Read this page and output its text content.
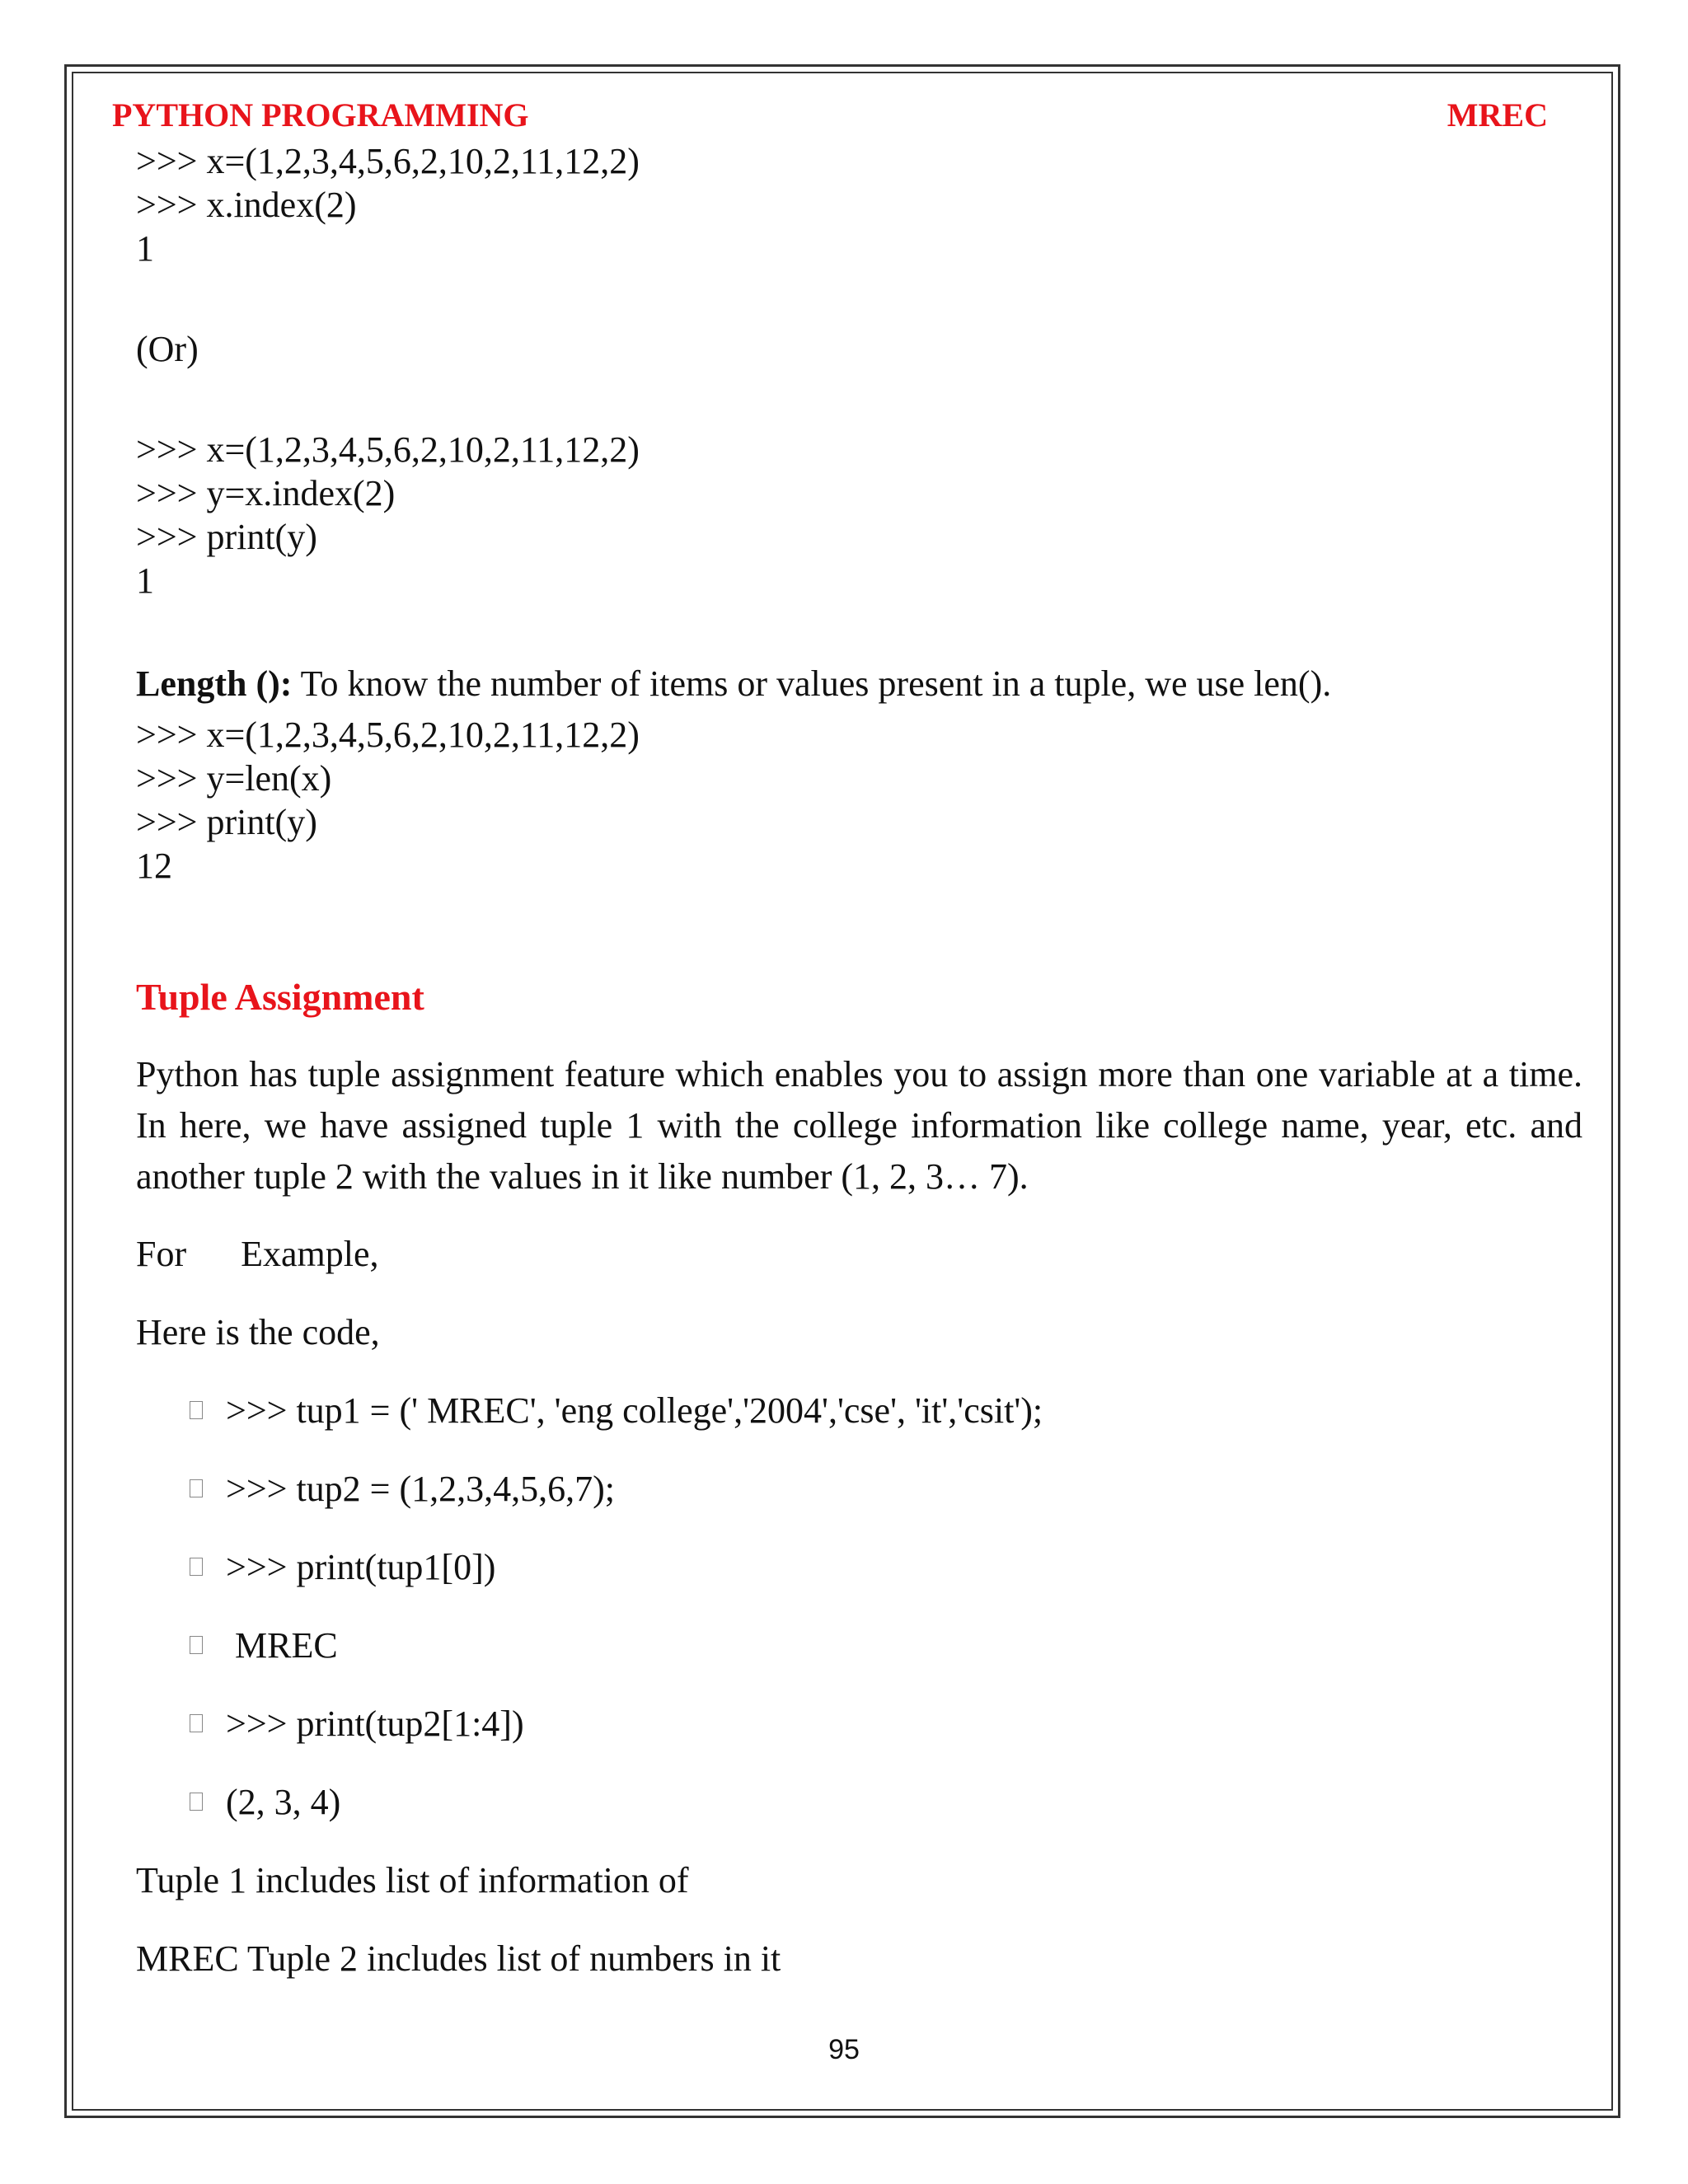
PYTHON PROGRAMMING	MREC
>>> x=(1,2,3,4,5,6,2,10,2,11,12,2)
>>> x.index(2)
1
(Or)
>>> x=(1,2,3,4,5,6,2,10,2,11,12,2)
>>> y=x.index(2)
>>> print(y)
1
Length (): To know the number of items or values present in a tuple, we use len().
>>> x=(1,2,3,4,5,6,2,10,2,11,12,2)
>>> y=len(x)
>>> print(y)
12
Tuple Assignment
Python has tuple assignment feature which enables you to assign more than one variable at a time. In here, we have assigned tuple 1 with the college information like college name, year, etc. and another tuple 2 with the values in it like number (1, 2, 3… 7).
For      Example,
Here is the code,
>>> tup1 = (' MREC', 'eng college','2004','cse', 'it','csit');
>>> tup2 = (1,2,3,4,5,6,7);
>>> print(tup1[0])
MREC
>>> print(tup2[1:4])
(2, 3, 4)
Tuple 1 includes list of information of
MREC Tuple 2 includes list of numbers in it
95
